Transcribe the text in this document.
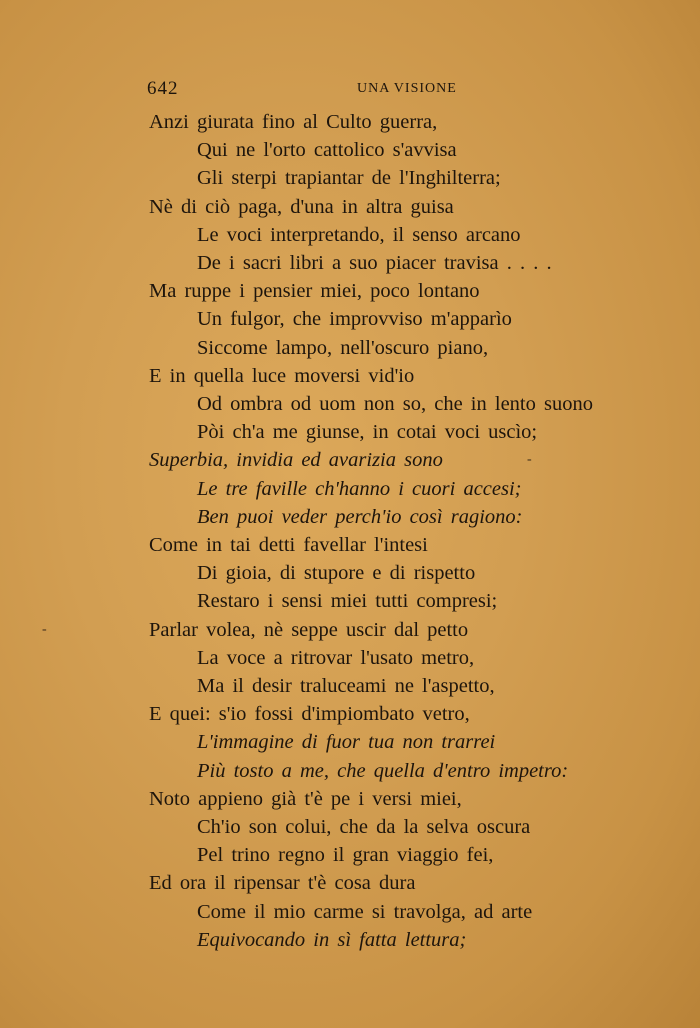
642	UNA VISIONE
Anzi giurata fino al Culto guerra,
Qui ne l'orto cattolico s'avvisa
Gli sterpi trapiantar de l'Inghilterra;
Nè di ciò paga, d'una in altra guisa
Le voci interpretando, il senso arcano
De i sacri libri a suo piacer travisa . . . .
Ma ruppe i pensier miei, poco lontano
Un fulgor, che improvviso m'apparìo
Siccome lampo, nell'oscuro piano,
E in quella luce moversi vid'io
Od ombra od uom non so, che in lento suono
Pòi ch'a me giunse, in cotai voci uscìo;
Superbia, invidia ed avarizia sono
Le tre faville ch'hanno i cuori accesi;
Ben puoi veder perch'io così ragiono:
Come in tai detti favellar l'intesi
Di gioia, di stupore e di rispetto
Restaro i sensi miei tutti compresi;
Parlar volea, nè seppe uscir dal petto
La voce a ritrovar l'usato metro,
Ma il desir traluceami ne l'aspetto,
E quei: s'io fossi d'impiombato vetro,
L'immagine di fuor tua non trarrei
Più tosto a me, che quella d'entro impetro:
Noto appieno già t'è pe i versi miei,
Ch'io son colui, che da la selva oscura
Pel trino regno il gran viaggio fei,
Ed ora il ripensar t'è cosa dura
Come il mio carme si travolga, ad arte
Equivocando in sì fatta lettura;
-
-
